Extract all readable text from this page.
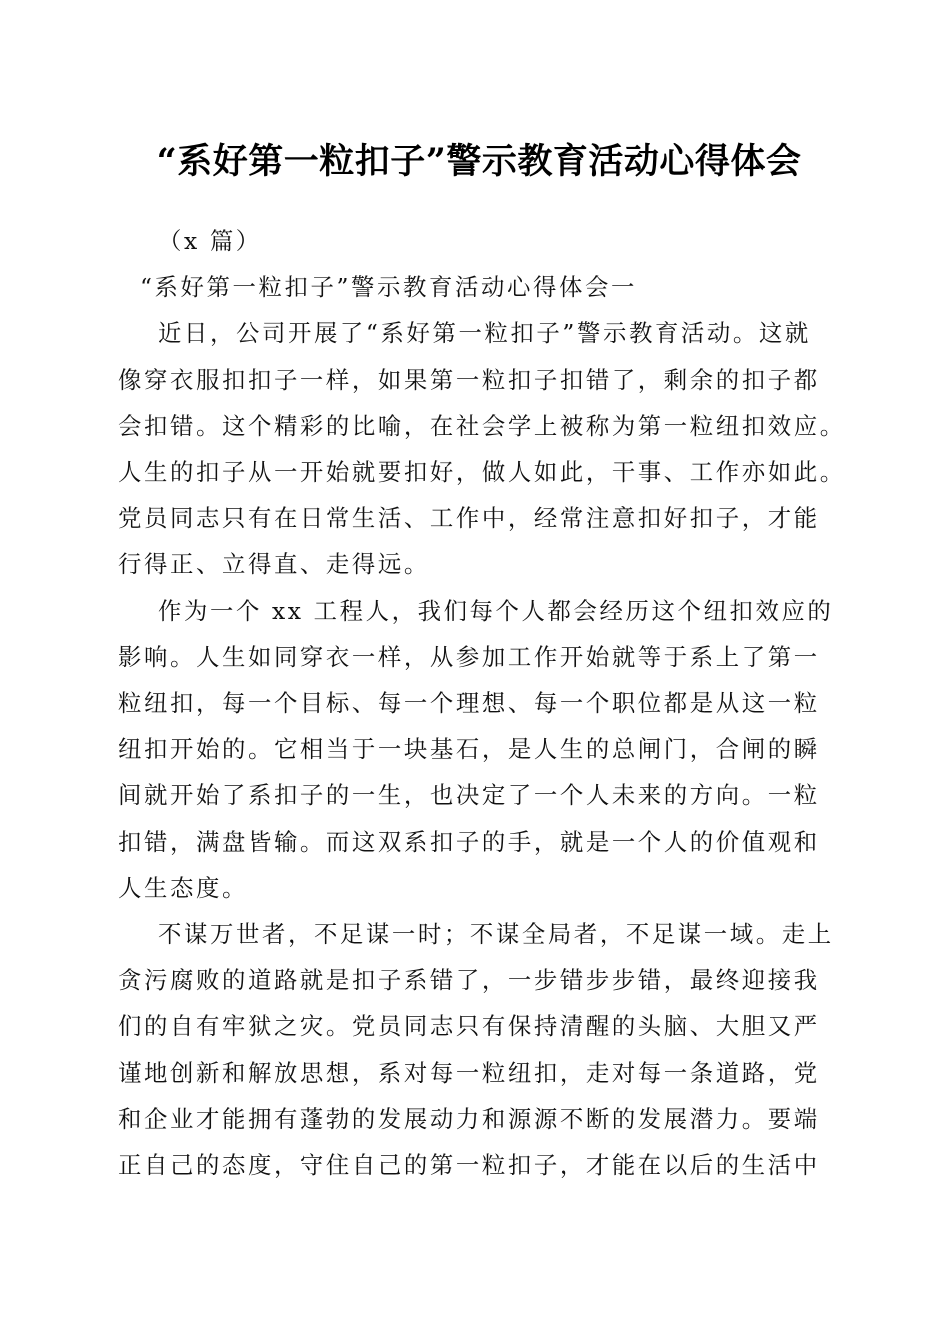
“系好第一粒扣子”警示教育活动心得体会
（x 篇）
“系好第一粒扣子”警示教育活动心得体会一
近日，公司开展了“系好第一粒扣子”警示教育活动。这就
像穿衣服扣扣子一样，如果第一粒扣子扣错了，剩余的扣子都
会扣错。这个精彩的比喻，在社会学上被称为第一粒纽扣效应。
人生的扣子从一开始就要扣好，做人如此，干事、工作亦如此。
党员同志只有在日常生活、工作中，经常注意扣好扣子，才能
行得正、立得直、走得远。
作为一个 xx 工程人，我们每个人都会经历这个纽扣效应的
影响。人生如同穿衣一样，从参加工作开始就等于系上了第一
粒纽扣，每一个目标、每一个理想、每一个职位都是从这一粒
纽扣开始的。它相当于一块基石，是人生的总闸门，合闸的瞬
间就开始了系扣子的一生，也决定了一个人未来的方向。一粒
扣错，满盘皆输。而这双系扣子的手，就是一个人的价值观和
人生态度。
不谋万世者，不足谋一时；不谋全局者，不足谋一域。走上
贪污腐败的道路就是扣子系错了，一步错步步错，最终迎接我
们的自有牢狱之灾。党员同志只有保持清醒的头脑、大胆又严
谨地创新和解放思想，系对每一粒纽扣，走对每一条道路，党
和企业才能拥有蓬勃的发展动力和源源不断的发展潜力。要端
正自己的态度，守住自己的第一粒扣子，才能在以后的生活中
